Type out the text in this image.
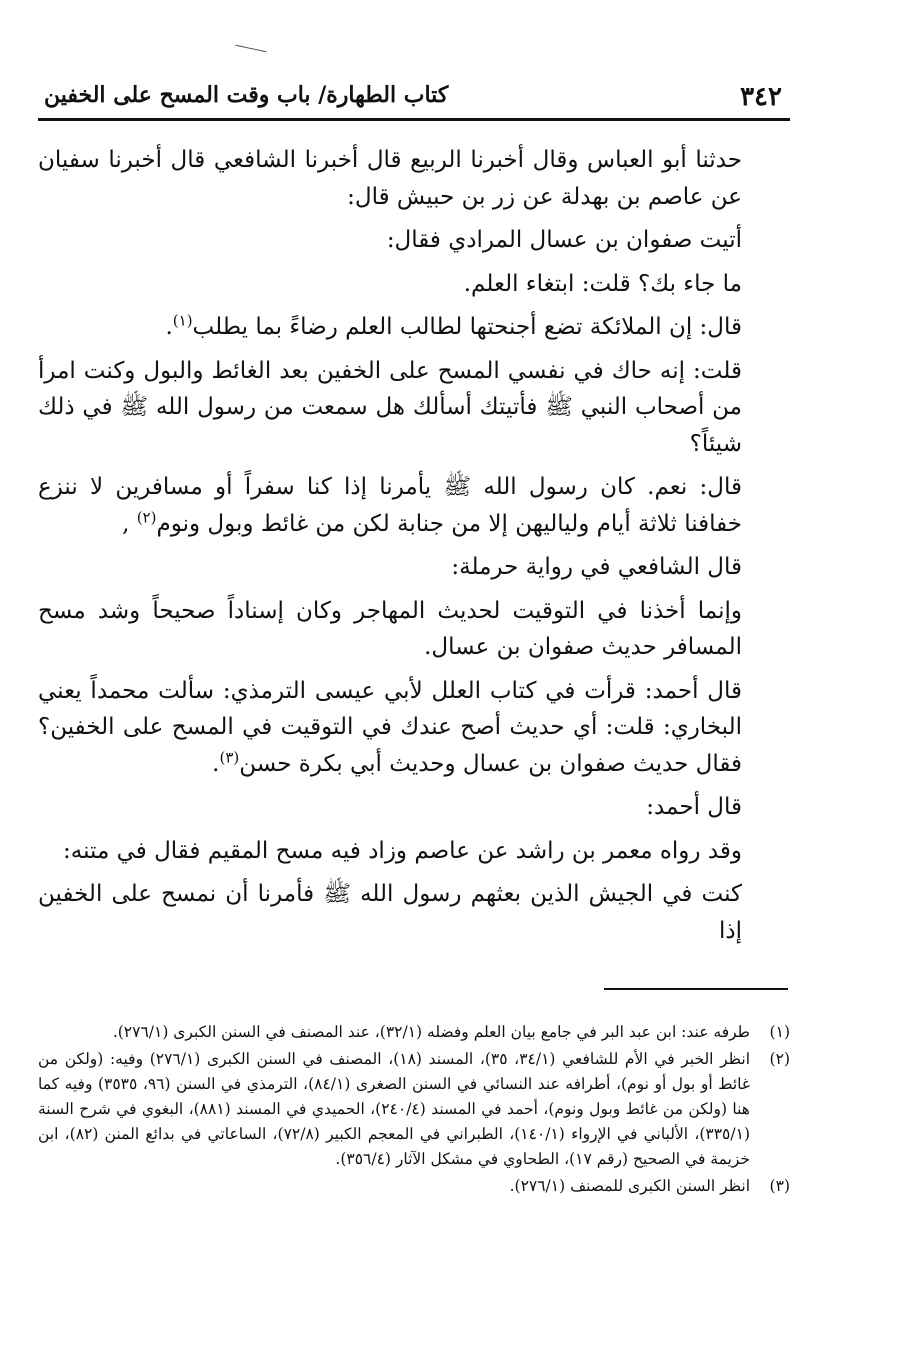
٣٤٢
كتاب الطهارة/ باب وقت المسح على الخفين

حدثنا أبو العباس وقال أخبرنا الربيع قال أخبرنا الشافعي قال أخبرنا سفيان عن عاصم بن بهدلة عن زر بن حبيش قال:

أتيت صفوان بن عسال المرادي فقال:

ما جاء بك؟ قلت: ابتغاء العلم.

قال: إن الملائكة تضع أجنحتها لطالب العلم رضاءً بما يطلب$^{(١)}$.

قلت: إنه حاك في نفسي المسح على الخفين بعد الغائط والبول وكنت امرأ من أصحاب النبي ﷺ فأتيتك أسألك هل سمعت من رسول الله ﷺ في ذلك شيئاً؟

قال: نعم. كان رسول الله ﷺ يأمرنا إذا كنا سفراً أو مسافرين لا ننزع خفافنا ثلاثة أيام ولياليهن إلا من جنابة لكن من غائط وبول ونوم$^{(٢)}$ ,

قال الشافعي في رواية حرملة:

وإنما أخذنا في التوقيت لحديث المهاجر وكان إسناداً صحيحاً وشد مسح المسافر حديث صفوان بن عسال.

قال أحمد: قرأت في كتاب العلل لأبي عيسى الترمذي: سألت محمداً يعني البخاري: قلت: أي حديث أصح عندك في التوقيت في المسح على الخفين؟ فقال حديث صفوان بن عسال وحديث أبي بكرة حسن$^{(٣)}$.

قال أحمد:

وقد رواه معمر بن راشد عن عاصم وزاد فيه مسح المقيم فقال في متنه:

كنت في الجيش الذين بعثهم رسول الله ﷺ فأمرنا أن نمسح على الخفين إذا

(١)
طرفه عند: ابن عبد البر في جامع بيان العلم وفضله (٣٢/١)، عند المصنف في السنن الكبرى (٢٧٦/١).
(٢)
انظر الخبر في الأم للشافعي (٣٤/١، ٣٥)، المسند (١٨)، المصنف في السنن الكبرى (٢٧٦/١) وفيه: (ولكن من غائط أو بول أو نوم)، أطرافه عند النسائي في السنن الصغرى (٨٤/١)، الترمذي في السنن (٩٦، ٣٥٣٥) وفيه كما هنا (ولكن من غائط وبول ونوم)، أحمد في المسند (٢٤٠/٤)، الحميدي في المسند (٨٨١)، البغوي في شرح السنة (٣٣٥/١)، الألباني في الإرواء (١٤٠/١)، الطبراني في المعجم الكبير (٧٢/٨)، الساعاتي في بدائع المنن (٨٢)، ابن خزيمة في الصحيح (رقم ١٧)، الطحاوي في مشكل الآثار (٣٥٦/٤).
(٣)
انظر السنن الكبرى للمصنف (٢٧٦/١).
